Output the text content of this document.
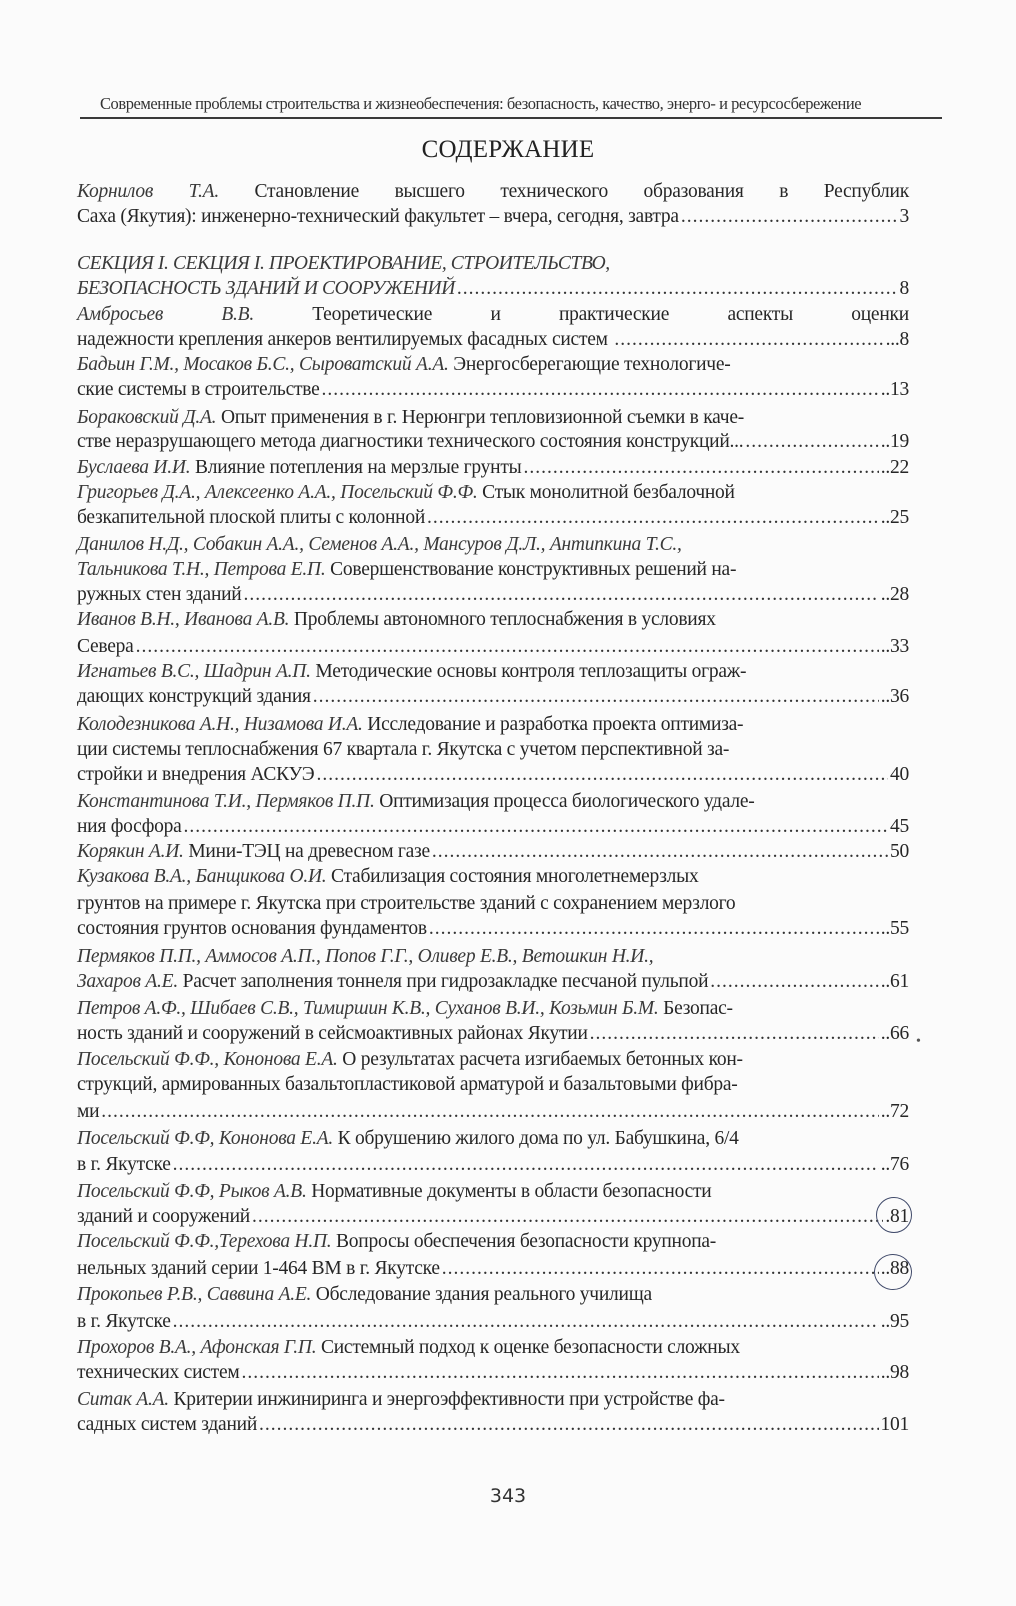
Современные проблемы строительства и жизнеобеспечения: безопасность, качество, энерго- и ресурсосбережение
СОДЕРЖАНИЕ
Корнилов Т.А. Становление высшего технического образования в Республик
Саха (Якутия): инженерно-технический факультет – вчера, сегодня, завтра .....	3
СЕКЦИЯ I. СЕКЦИЯ I. ПРОЕКТИРОВАНИЕ, СТРОИТЕЛЬСТВО,
БЕЗОПАСНОСТЬ ЗДАНИЙ И СООРУЖЕНИЙ .....	8
Амбросьев	В.В.	Теоретические	и	практические	аспекты	оценки
надежности крепления анкеров вентилируемых фасадных систем .....	...8
Бадьин Г.М., Мосаков Б.С., Сыроватский А.А. Энергосберегающие технологиче-
ские системы в строительстве .....	..13
Бораковский Д.А. Опыт применения в г. Нерюнгри тепловизионной съемки в каче-
стве неразрушающего метода диагностики технического состояния конструкций... .....	..19
Буслаева И.И. Влияние потепления на мерзлые грунты .....	..22
Григорьев Д.А., Алексеенко А.А., Посельский Ф.Ф. Стык монолитной безбалочной
безкапительной плоской плиты с колонной .....	..25
Данилов Н.Д., Собакин А.А., Семенов А.А., Мансуров Д.Л., Антипкина Т.С.,
Тальникова Т.Н., Петрова Е.П. Совершенствование конструктивных решений на-
ружных стен зданий .....	..28
Иванов В.Н., Иванова А.В. Проблемы автономного теплоснабжения в условиях
Севера .....	..33
Игнатьев В.С., Шадрин А.П. Методические основы контроля теплозащиты ограж-
дающих конструкций здания .....	..36
Колодезникова А.Н., Низамова И.А. Исследование и разработка проекта оптимиза-
ции системы теплоснабжения 67 квартала г. Якутска с учетом перспективной за-
стройки и внедрения АСКУЭ .....	40
Константинова Т.И., Пермяков П.П. Оптимизация процесса биологического удале-
ния фосфора .....	45
Корякин А.И. Мини-ТЭЦ на древесном газе .....	50
Кузакова В.А., Банщикова О.И. Стабилизация состояния многолетнемерзлых
грунтов на примере г. Якутска при строительстве зданий с сохранением мерзлого
состояния грунтов основания фундаментов .....	..55
Пермяков П.П., Аммосов А.П., Попов Г.Г., Оливер Е.В., Ветошкин Н.И.,
Захаров А.Е. Расчет заполнения тоннеля при гидрозакладке песчаной пульпой .....	..61
Петров А.Ф., Шибаев С.В., Тимиршин К.В., Суханов В.И., Козьмин Б.М. Безопас-
ность зданий и сооружений в сейсмоактивных районах Якутии .....	..66
Посельский Ф.Ф., Кононова Е.А. О результатах расчета изгибаемых бетонных кон-
струкций, армированных базальтопластиковой арматурой и базальтовыми фибра-
ми .....	..72
Посельский Ф.Ф, Кононова Е.А. К обрушению жилого дома по ул. Бабушкина, 6/4
в г. Якутске .....	..76
Посельский Ф.Ф, Рыков А.В. Нормативные документы в области безопасности
зданий и сооружений .....	.81
Посельский Ф.Ф.,Терехова Н.П. Вопросы обеспечения безопасности крупнопа-
нельных зданий серии 1-464 ВМ в г. Якутске .....	..88
Прокопьев Р.В., Саввина А.Е. Обследование здания реального училища
в г. Якутске .....	..95
Прохоров В.А., Афонская Г.П. Системный подход к оценке безопасности сложных
технических систем .....	..98
Ситак А.А. Критерии инжиниринга и энергоэффективности при устройстве фа-
садных систем зданий .....	101
•
343
